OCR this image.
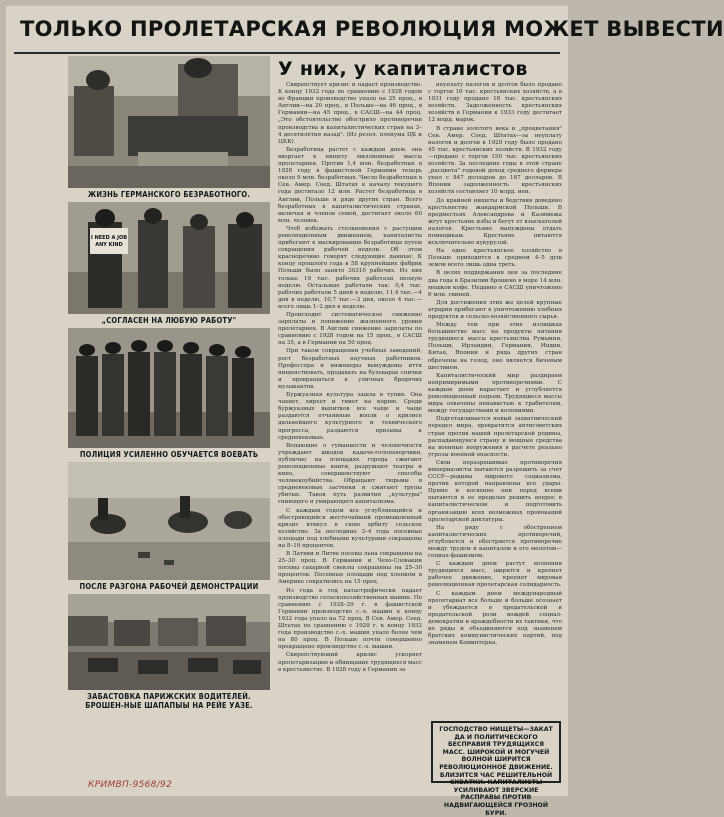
ТОЛЬКО ПРОЛЕТАРСКАЯ РЕВОЛЮЦИЯ МОЖЕТ ВЫВЕСТИ
ЖИЗНЬ ГЕРМАНСКОГО БЕЗРАБОТНОГО.
I NEED A JOB
ANY KIND
„СОГЛАСЕН НА ЛЮБУЮ РАБОТУ"
ПОЛИЦИЯ УСИЛЕННО ОБУЧАЕТСЯ ВОЕВАТЬ
ПОСЛЕ РАЗГОНА РАБОЧЕЙ ДЕМОНСТРАЦИИ
ЗАБАСТОВКА ПАРИЖСКИХ ВОДИТЕЛЕЙ. БРОШЕН-НЫЕ ШАПАПЫЫ НА РЕЙЕ УАЗЕ.
У них, у капиталистов

Свирепствует кризис и падает производство. К концу 1932 года по сравнению с 1928 годом во Франции производство упало на 25 проц., в Англии—на 20 проц., в Польше—на 46 проц., в Германии—на 45 проц., в САСШ—на 44 проц. „Это обстоятельство обострило противоречия производства и капиталистических стран на 3–4 десятилетия назад". (Из резол. пленума ЦК и ЦКК).

Безработица растет с каждым днем. она ввергает в нищету миллионные массы пролетариев. Против 1,4 млн. безработных в 1928 году в фашистской Германии теперь около 9 млн. безработных. Число безработных в Сев. Амер. Соед. Штатах к началу текущего года достигало 12 млн. Растет безработица в Англии, Польше и ряде других стран. Всего безработных в капиталистических странах, включая и членов семей, достигает около 60 млн. человек.

Чтоб избежать столкновения с растущим революционным движением, капиталисты прибегают к маскированию безработицы путем сокращения рабочей недели. Об этом красноречиво говорят следующие данные: К концу прошлого года в 58 крупнейших фабрик Польши было занято 30310 рабочих. Из них только 19 тыс. рабочих работали полную неделю. Остальные работали так: 0,4 тыс. рабочих работали 5 дней в неделю, 11,4 тыс.—4 дня в неделю, 10,7 тыс.—3 дня, около 4 тыс.—всего лишь 1–2 дня в неделю.

Происходит систематическое снижение зарплаты и понижение жизненного уровня пролетариев. В Англии снижение зарплаты по сравнению с 1928 годом на 15 проц., в САСШ на 35, а в Германии на 50 проц.

При таком сокращении учебных заведений, рост безработных научных работников. Профессора и инженеры вынуждены итти нищенствовать, продавать на бульварах спички и превращаться в уличных бродячих музыкантов.

Буржуазная культура зашла в тупик. Она чахнет, хиреет и гниет на корню. Среди буржуазных выпитков все чаще и чаще раздаются отчаянные вопли о кризисе дальнейшего культурного и технического прогресса, раздаются призывы к средневековью.

Вопающие о гуманности и человечности учреждают шкодов кадаче-голоповорчики, публично на площадях города сжигают революционные книги, разрушают театры и кино, совершенствуют способы человекоубийства. Обращают тюрьмы в средневековые застенки и сжигают трупы убитых. Таков путь развития „культуры" гниющего и умирающего капитализма.

С каждым годом все углубляющийся и обостряющийся жесточайший промышленный кризис втянул в свою орбиту сельское хозяйство. За последние 3–4 года посевные площади под хлебными культурами сокращены на 8–10 процентов.

В Латвии и Литве посевы льна сокращены на 25–30 проц. В Германии и Чехо-Словакии посевы сахарной свеклы сокращены на 25–30 процентов. Посевные площади под хлопком в Америке сократились на 15 проц.

Из года в год катастрофически падает производство сельскохозяйственных машин. По сравнению с 1928–29 г. в фашистской Германии производство с.-х. машин к концу 1932 года упало на 72 проц. В Сев. Амер. Соед. Штатах по сравнению с 1929 г. к концу 1932 года производство с.-х. машин упало более чем на 80 проц. В Польше почти совершенно прекращено производство с.-х. машин.

Свирепствующий кризис ускоряет пролетаризацию и обнищание трудящихся масс в крестьянстве. В 1928 году в Германии за

неуплату налогов и долгов было продано с торгов 16 тыс. крестьянских хозяйств, а в 1931 году продано 18 тыс. крестьянских хозяйств. Задолженность крестьянских хозяйств в Германии к 1933 году достигает 12 млрд. марок.

В стране золотого века и „процветания" Сев. Амер. Соед. Штатах—за неуплату налогов и долгов в 1929 году было продано 45 тыс. крестьянских хозяйств. В 1932 году—продано с торгов 150 тыс. крестьянских хозяйств. За последние годы в этой стране „расцвета" годовой доход среднего фермера упал с 847 долларов до 187 долларов. В Японии задолженность крестьянских хозяйств составляет 10 млрд. иен.

До крайней нищеты и бедствия доведено крестьянство жандармской Польши. В предместьях Александрова и Казимежа жгут крестьяне избы и бегут от взыскателей налогов. Крестьяне вынуждены отдать помещикам. Крестьяне питаются исключительно кукурузой.

На одно крестьянское хозяйство в Польше приходится в среднем 4–5 душ земли всего лишь одна треть.

В целях поддержания цен за последние два года в Бразилии брошено в море 14 млн. мешков кофе. Недавно в САСШ уничтожено 6 млн. свиней.

Для достижения этих же целей крупные аграрии прибегают к уничтожению хлебных продуктов и сельско-хозяйственного сырья.

Между тем при этих излишках большинство масс на продукты питания трудящиеся массы крестьянства Румынии, Польши, Ирландии, Германии, Индии, Китая, Японии и ряда других стран обречены на голод, оно является бичевым шествием.

Капиталистический мир раздираем непримиримыми противоречиями. С каждым днем нарастает и углубляется революционный подъем. Трудящиеся массы мира охвачены ненавистью к грабителям, между государствами и колониями.

Подготавливается новый захватнический передел мира, превратится антисоветских стран против нашей пролетарской родины, распадающуюся страну и мощные средства на военные вооружения в расчете реально угрозы военной опасности.

Свои неразрешимые противоречия империалисты пытаются разрешить за счет СССР—родины мирового социализма, против которой направлены все удары. Прямо и косвенно они перед всеми пытаются в ее пределах решить вопрос в капиталистическом и подготовить организацию всех возможных провокаций пролетарской диктатуры.

На ряду с обострением капиталистических противоречий, углубляется и обостряется противоречие между трудом и капиталом и его молотом—социал-фашизмом.

С каждым днем растут волнения трудящихся масс, ширится и крепнет рабочее движение, крепнет мировая революционная пролетарская солидарность.

С каждым днем международный пролетариат все больше и больше осознает и убеждается в предательской и предательской роли вождей социал-демократии и враждебности их тактики, что их ряды и объединяются под знаменем братских коммунистических партий, под знаменем Коминтерна.

ГОСПОДСТВО НИЩЕТЫ—ЗАКАТ ДА И ПОЛИТИЧЕСКОГО БЕСПРАВИЯ ТРУДЯЩИХСЯ МАСС. ШИРОКОЙ И МОГУЧЕЙ ВОЛНОЙ ШИРИТСЯ РЕВОЛЮЦИОННОЕ ДВИЖЕНИЕ. БЛИЗИТСЯ ЧАС РЕШИТЕЛЬНОЙ СХВАТКИ. КАПИТАЛИСТЫ УСИЛИВАЮТ ЗВЕРСКИЕ РАСПРАВЫ ПРОТИВ НАДВИГАЮЩЕЙСЯ ГРОЗНОЙ БУРИ.
КРИМВП-9568/92
